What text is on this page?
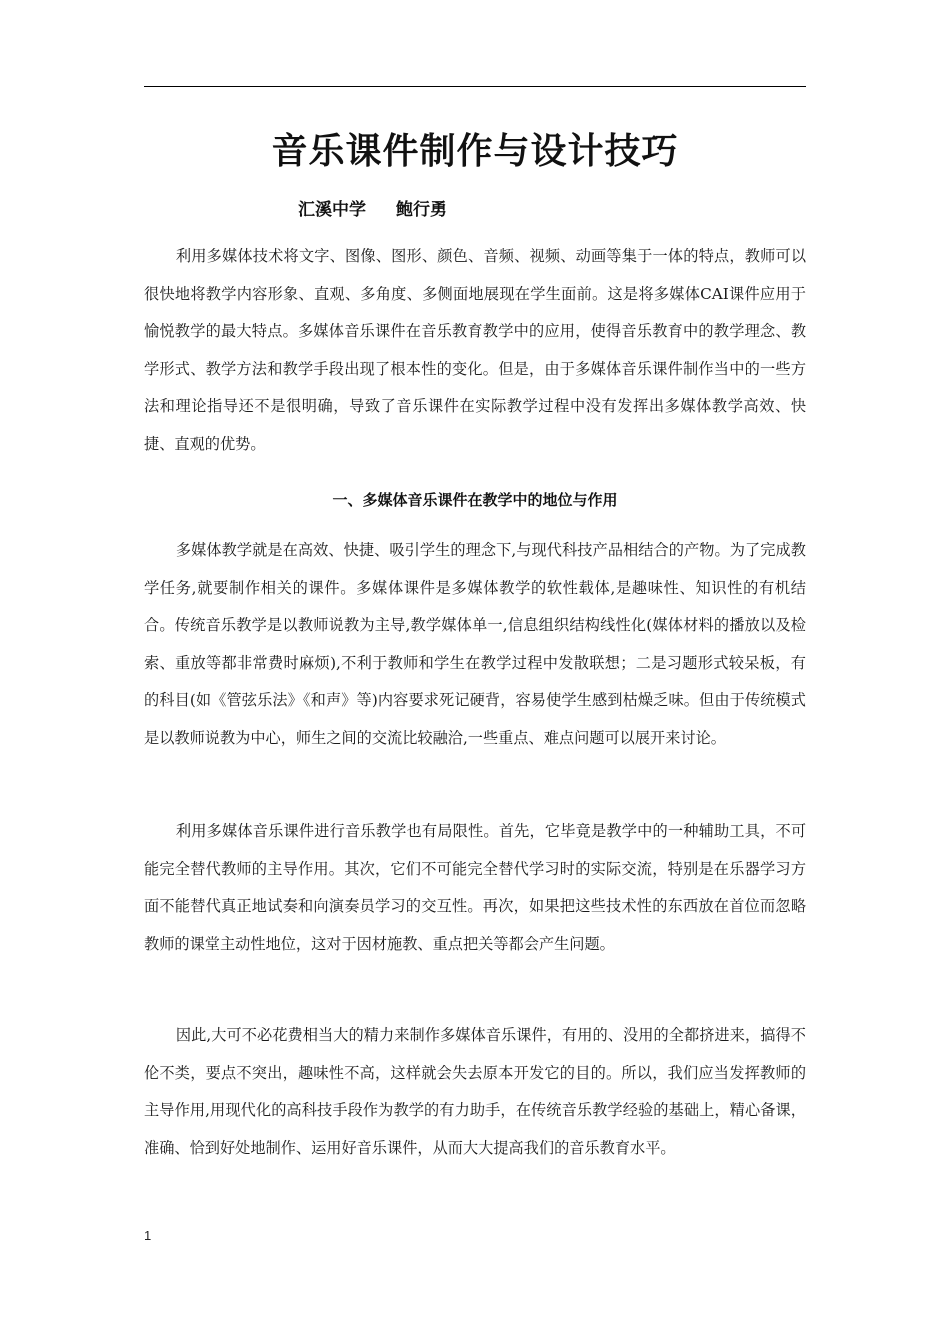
音乐课件制作与设计技巧
汇溪中学 鲍行勇

利用多媒体技术将文字、图像、图形、颜色、音频、视频、动画等集于一体的特点，教师可以很快地将教学内容形象、直观、多角度、多侧面地展现在学生面前。这是将多媒体CAI课件应用于愉悦教学的最大特点。多媒体音乐课件在音乐教育教学中的应用，使得音乐教育中的教学理念、教学形式、教学方法和教学手段出现了根本性的变化。但是，由于多媒体音乐课件制作当中的一些方法和理论指导还不是很明确，导致了音乐课件在实际教学过程中没有发挥出多媒体教学高效、快捷、直观的优势。

一、多媒体音乐课件在教学中的地位与作用

多媒体教学就是在高效、快捷、吸引学生的理念下,与现代科技产品相结合的产物。为了完成教学任务,就要制作相关的课件。多媒体课件是多媒体教学的软性载体,是趣味性、知识性的有机结合。传统音乐教学是以教师说教为主导,教学媒体单一,信息组织结构线性化(媒体材料的播放以及检索、重放等都非常费时麻烦),不利于教师和学生在教学过程中发散联想；二是习题形式较呆板，有的科目(如《管弦乐法》《和声》等)内容要求死记硬背，容易使学生感到枯燥乏味。但由于传统模式是以教师说教为中心，师生之间的交流比较融洽,一些重点、难点问题可以展开来讨论。

利用多媒体音乐课件进行音乐教学也有局限性。首先，它毕竟是教学中的一种辅助工具，不可能完全替代教师的主导作用。其次，它们不可能完全替代学习时的实际交流，特别是在乐器学习方面不能替代真正地试奏和向演奏员学习的交互性。再次，如果把这些技术性的东西放在首位而忽略教师的课堂主动性地位，这对于因材施教、重点把关等都会产生问题。

因此,大可不必花费相当大的精力来制作多媒体音乐课件，有用的、没用的全都挤进来，搞得不伦不类，要点不突出，趣味性不高，这样就会失去原本开发它的目的。所以，我们应当发挥教师的主导作用,用现代化的高科技手段作为教学的有力助手，在传统音乐教学经验的基础上，精心备课，准确、恰到好处地制作、运用好音乐课件，从而大大提高我们的音乐教育水平。

1
